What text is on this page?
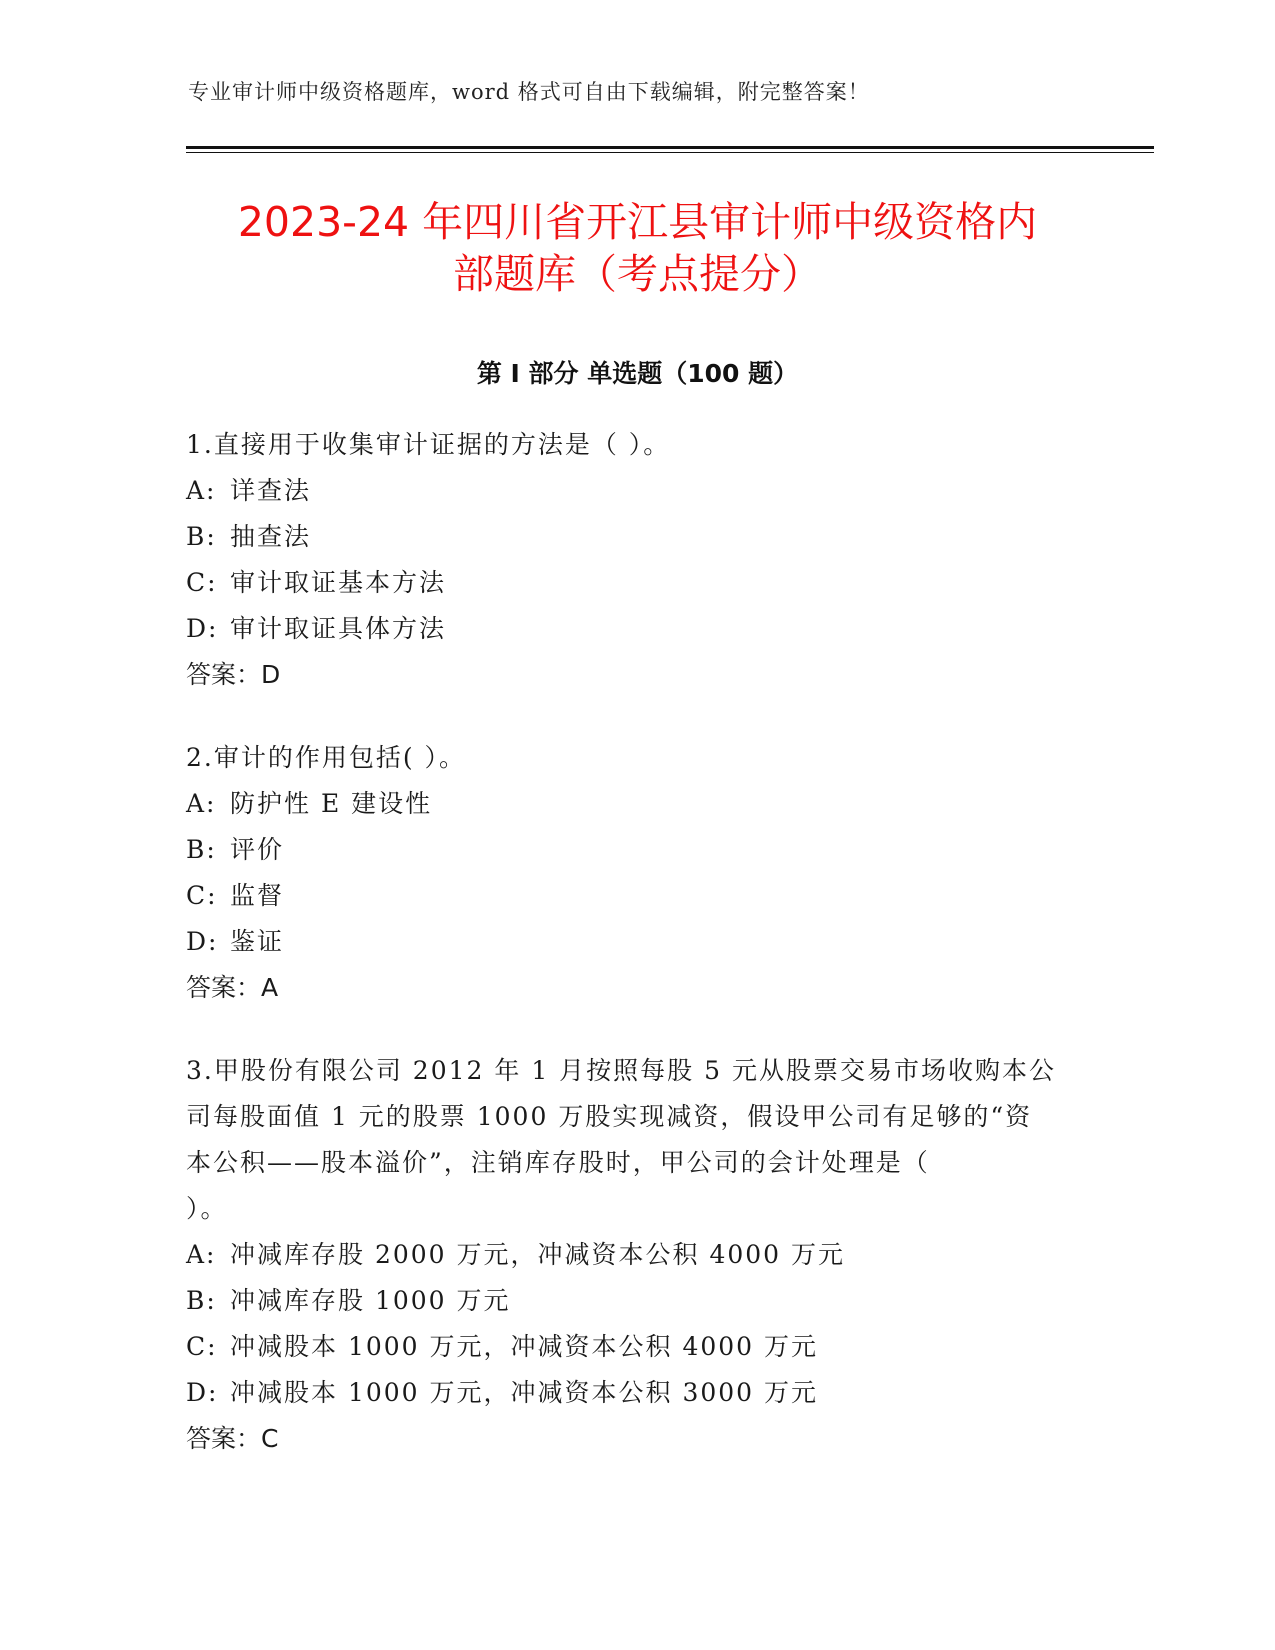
专业审计师中级资格题库，word 格式可自由下载编辑，附完整答案！
2023-24 年四川省开江县审计师中级资格内
部题库（考点提分）
第 I 部分 单选题（100 题）

1.直接用于收集审计证据的方法是（ ）。

A: 详查法

B: 抽查法

C: 审计取证基本方法

D: 审计取证具体方法

答案：D

2.审计的作用包括( ）。

A: 防护性 E 建设性

B: 评价

C: 监督

D: 鉴证

答案：A

3.甲股份有限公司 2012 年 1 月按照每股 5 元从股票交易市场收购本公

司每股面值 1 元的股票 1000 万股实现减资，假设甲公司有足够的“资

本公积——股本溢价”，注销库存股时，甲公司的会计处理是（

）。

A: 冲减库存股 2000 万元，冲减资本公积 4000 万元

B: 冲减库存股 1000 万元

C: 冲减股本 1000 万元，冲减资本公积 4000 万元

D: 冲减股本 1000 万元，冲减资本公积 3000 万元

答案：C
